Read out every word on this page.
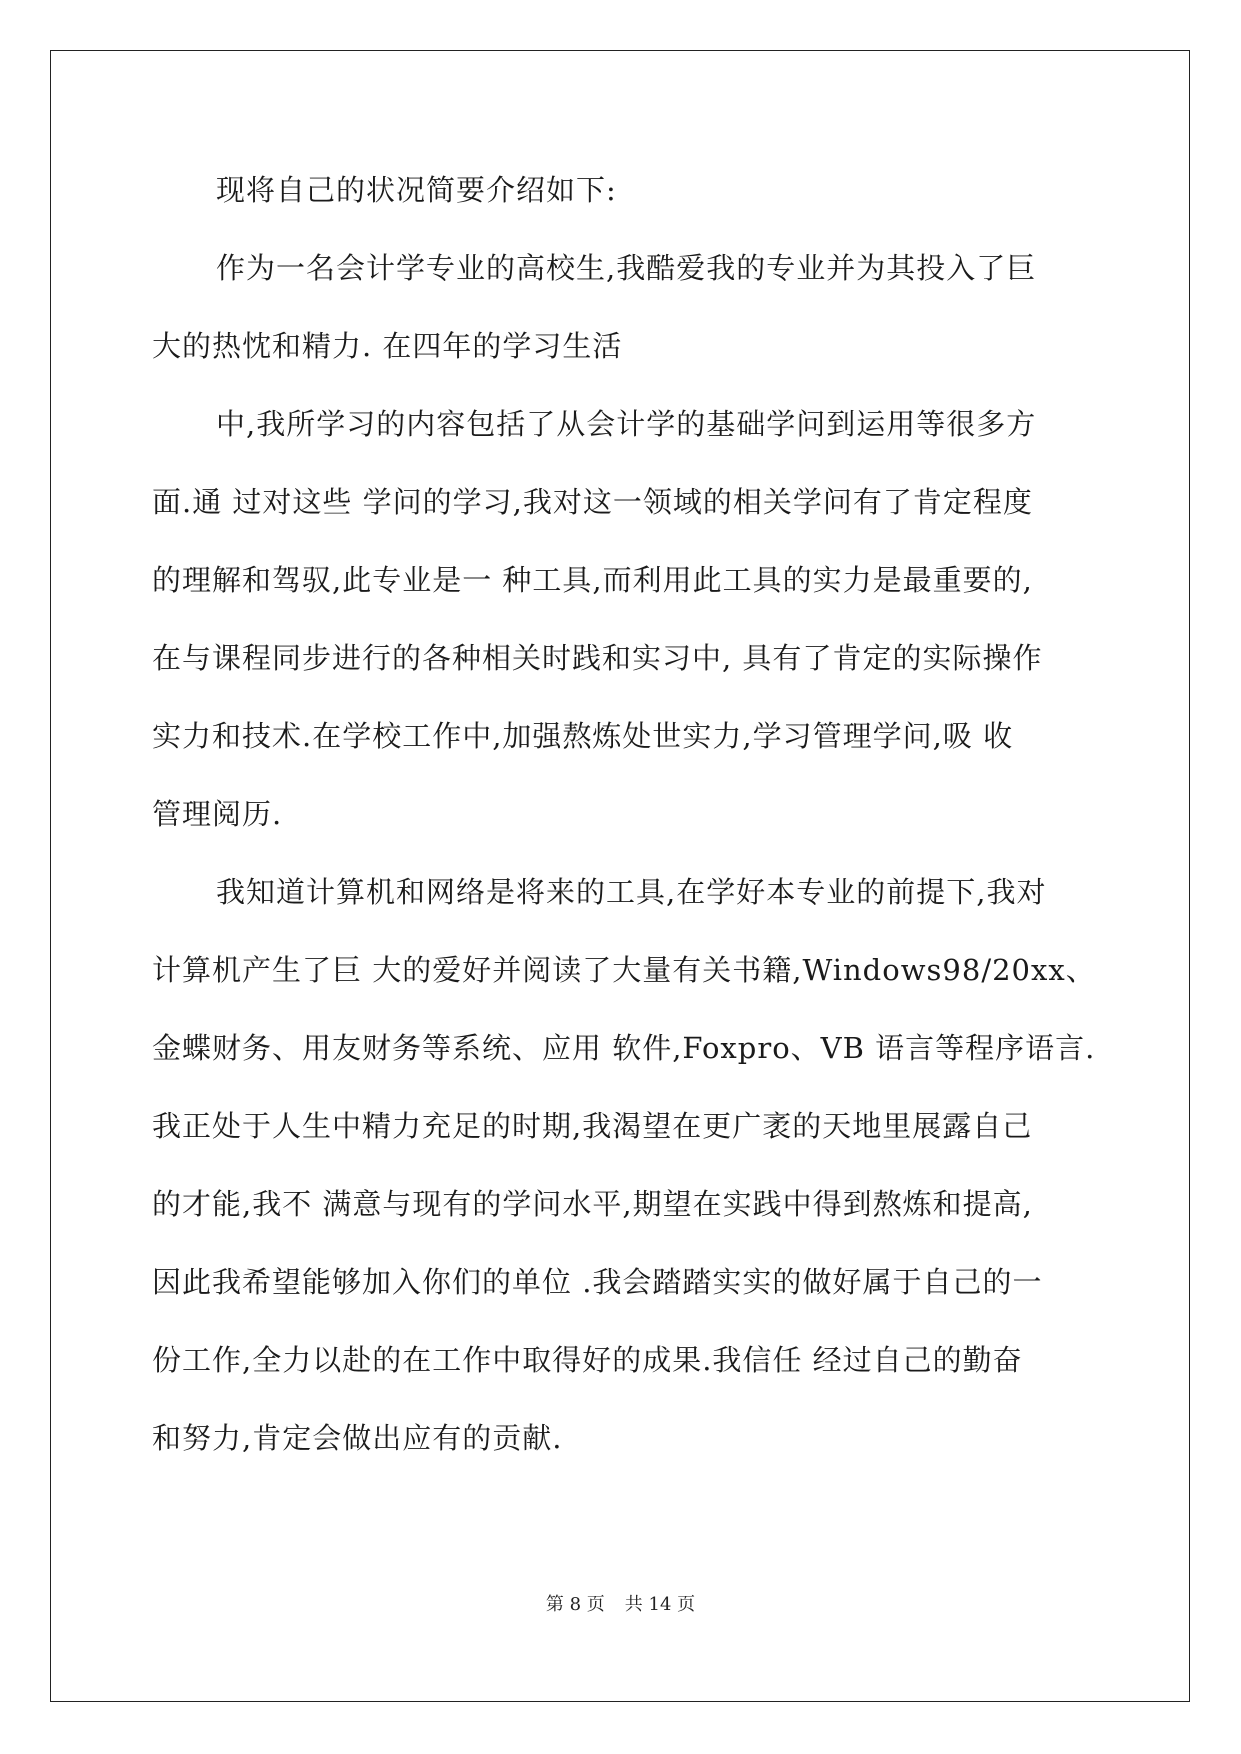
现将自己的状况简要介绍如下:
作为一名会计学专业的高校生,我酷爱我的专业并为其投入了巨
大的热忱和精力. 在四年的学习生活
中,我所学习的内容包括了从会计学的基础学问到运用等很多方
面.通 过对这些 学问的学习,我对这一领域的相关学问有了肯定程度
的理解和驾驭,此专业是一 种工具,而利用此工具的实力是最重要的,
在与课程同步进行的各种相关时践和实习中, 具有了肯定的实际操作
实力和技术.在学校工作中,加强熬炼处世实力,学习管理学问,吸 收
管理阅历.
我知道计算机和网络是将来的工具,在学好本专业的前提下,我对
计算机产生了巨 大的爱好并阅读了大量有关书籍,Windows98/20xx、
金蝶财务、用友财务等系统、应用 软件,Foxpro、VB 语言等程序语言.
我正处于人生中精力充足的时期,我渴望在更广袤的天地里展露自己
的才能,我不 满意与现有的学问水平,期望在实践中得到熬炼和提高,
因此我希望能够加入你们的单位 .我会踏踏实实的做好属于自己的一
份工作,全力以赴的在工作中取得好的成果.我信任 经过自己的勤奋
和努力,肯定会做出应有的贡献.
第 8 页 共 14 页
